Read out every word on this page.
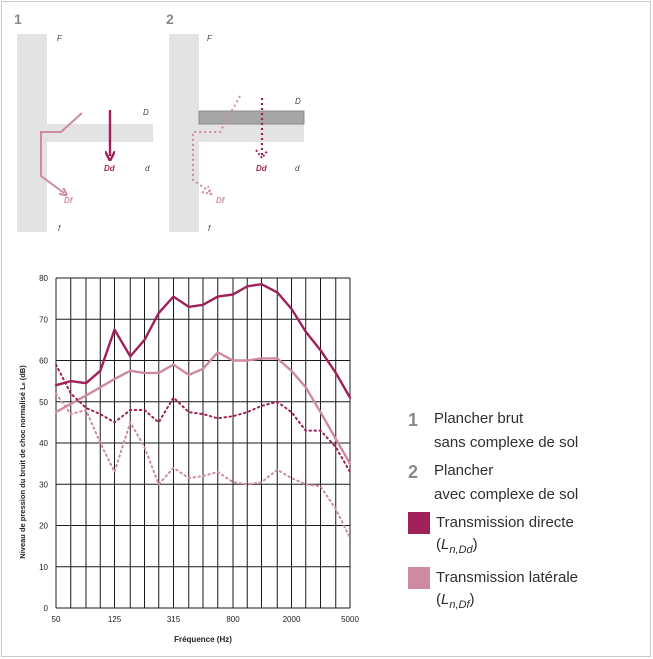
1
F
D
d
f
Df
Dd
2
F
D
d
f
Df
Dd
0
10
20
30
40
50
60
70
80
50	125	315	800	2000	5000
Fréquence (Hz)
Niveau de pression du bruit de choc normalisé Lₙ (dB)	1	Plancher brut
sans complexe de sol
2	Plancher
avec complexe de sol
Transmission directe
$(L_{n,Dd})$
Transmission latérale
$(L_{n,Df})$
